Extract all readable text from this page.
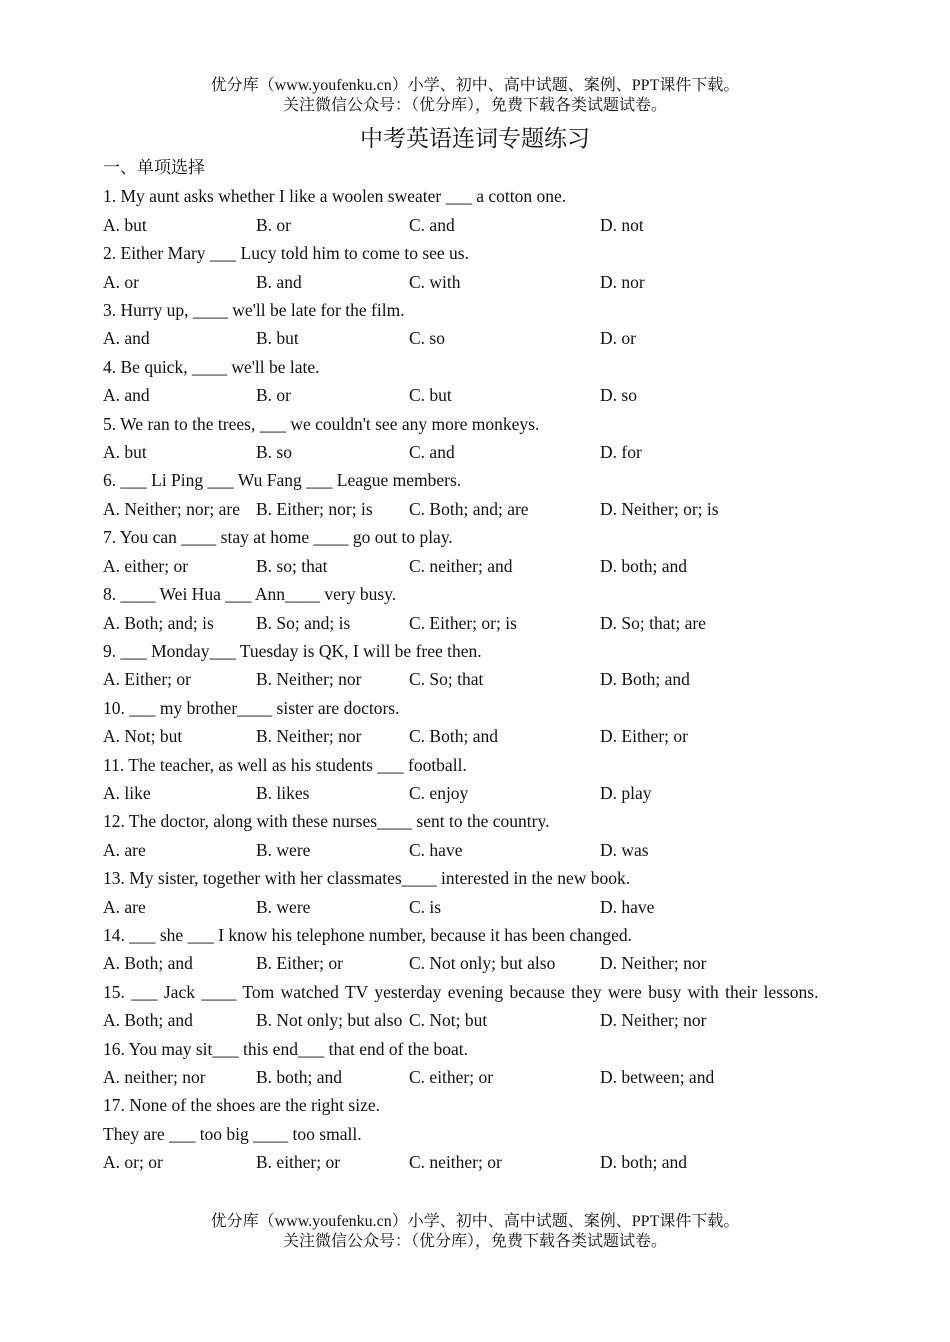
优分库（www.youfenku.cn）小学、初中、高中试题、案例、PPT课件下载。
关注微信公众号：（优分库），免费下载各类试题试卷。
中考英语连词专题练习
一、单项选择
1. My aunt asks whether I like a woolen sweater ___ a cotton one.
A. but	B. or	C. and	D. not
2. Either Mary ___ Lucy told him to come to see us.
A. or	B. and	C. with	D. nor
3. Hurry up, ____ we'll be late for the film.
A. and	B. but	C. so	D. or
4. Be quick, ____ we'll be late.
A. and	B. or	C. but	D. so
5. We ran to the trees, ___ we couldn't see any more monkeys.
A. but	B. so	C. and	D. for
6. ___ Li Ping ___ Wu Fang ___ League members.
A. Neither; nor; are B. Either; nor; is	C. Both; and; are	D. Neither; or; is
7. You can ____ stay at home ____ go out to play.
A. either; or	B. so; that	C. neither; and	D. both; and
8. ____ Wei Hua ___ Ann____ very busy.
A. Both; and; is	B. So; and; is	C. Either; or; is	D. So; that; are
9. ___ Monday___ Tuesday is QK, I will be free then.
A. Either; or	B. Neither; nor	C. So; that	D. Both; and
10. ___ my brother____ sister are doctors.
A. Not; but	B. Neither; nor	C. Both; and	D. Either; or
11. The teacher, as well as his students ___ football.
A. like	B. likes	C. enjoy	D. play
12. The doctor, along with these nurses____ sent to the country.
A. are	B. were	C. have	D. was
13. My sister, together with her classmates____ interested in the new book.
A. are	B. were	C. is	D. have
14. ___ she ___ I know his telephone number, because it has been changed.
A. Both; and	B. Either; or	C. Not only; but also	D. Neither; nor
15. ___ Jack ____ Tom watched TV yesterday evening because they were busy with their lessons.
A. Both; and	B. Not only; but also C. Not; but	D. Neither; nor
16. You may sit___ this end___ that end of the boat.
A. neither; nor	B. both; and	C. either; or	D. between; and
17. None of the shoes are the right size.
They are ___ too big ____ too small.
A. or; or	B. either; or	C. neither; or	D. both; and
优分库（www.youfenku.cn）小学、初中、高中试题、案例、PPT课件下载。
关注微信公众号：（优分库），免费下载各类试题试卷。
